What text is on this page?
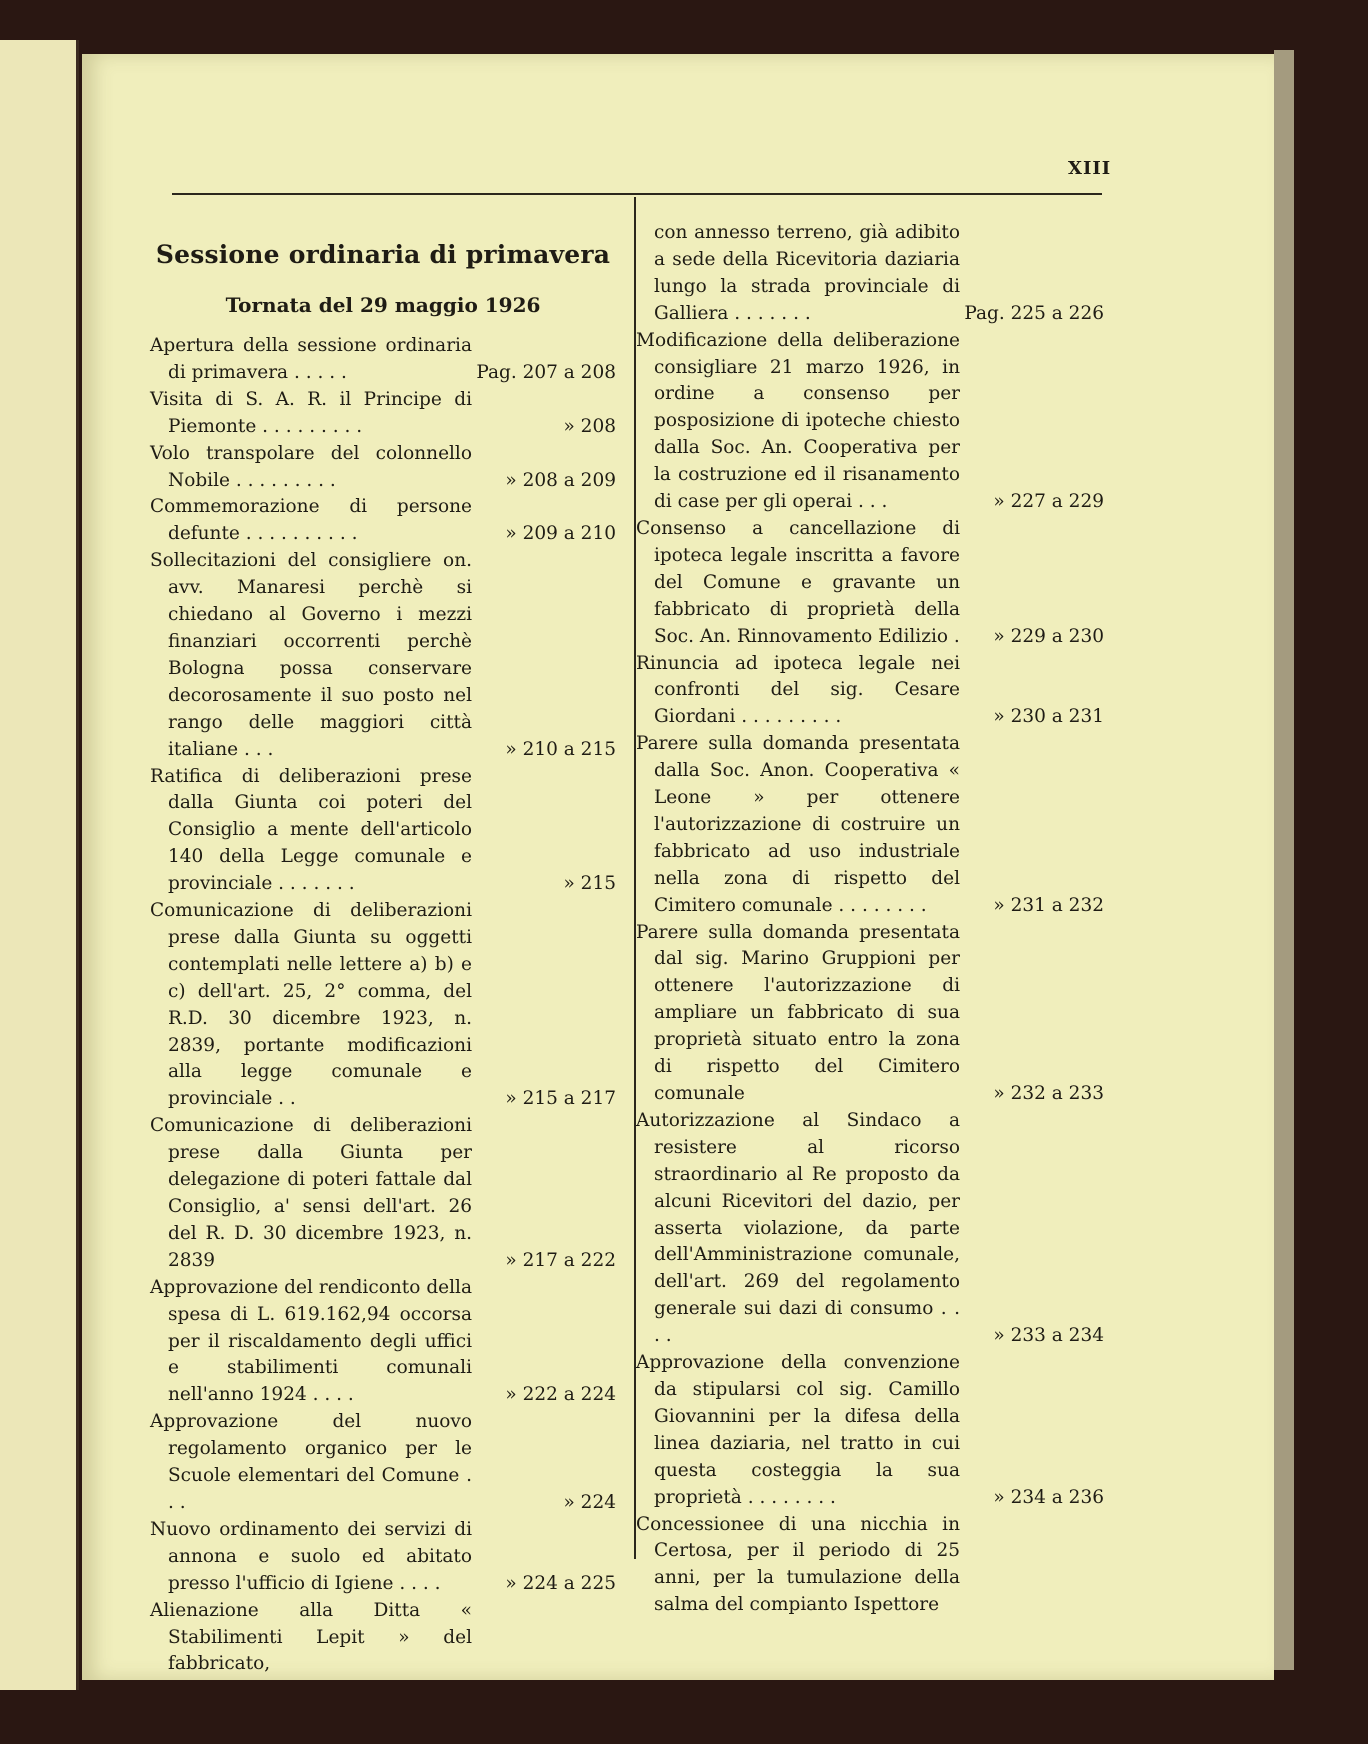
XIII
Sessione ordinaria di primavera
Tornata del 29 maggio 1926
Apertura della sessione ordinaria di primavera . . . . .	Pag. 207 a 208
Visita di S. A. R. il Principe di Piemonte . . . . . . . . .	» 208
Volo transpolare del colonnello Nobile . . . . . . . . .	» 208 a 209
Commemorazione di persone defunte . . . . . . . . . .	» 209 a 210
Sollecitazioni del consigliere on. avv. Manaresi perchè si chiedano al Governo i mezzi finanziari occorrenti perchè Bologna possa conservare decorosamente il suo posto nel rango delle maggiori città italiane . . .	» 210 a 215
Ratifica di deliberazioni prese dalla Giunta coi poteri del Consiglio a mente dell'articolo 140 della Legge comunale e provinciale . . . . . . .	» 215
Comunicazione di deliberazioni prese dalla Giunta su oggetti contemplati nelle lettere a) b) e c) dell'art. 25, 2° comma, del R.D. 30 dicembre 1923, n. 2839, portante modificazioni alla legge comunale e provinciale . .	» 215 a 217
Comunicazione di deliberazioni prese dalla Giunta per delegazione di poteri fattale dal Consiglio, a' sensi dell'art. 26 del R. D. 30 dicembre 1923, n. 2839	» 217 a 222
Approvazione del rendiconto della spesa di L. 619.162,94 occorsa per il riscaldamento degli uffici e stabilimenti comunali nell'anno 1924 . . . .	» 222 a 224
Approvazione del nuovo regolamento organico per le Scuole elementari del Comune . . .	» 224
Nuovo ordinamento dei servizi di annona e suolo ed abitato presso l'ufficio di Igiene . . . .	» 224 a 225
Alienazione alla Ditta « Stabilimenti Lepit » del fabbricato,
con annesso terreno, già adibito a sede della Ricevitoria daziaria lungo la strada provinciale di Galliera . . . . . . .	Pag. 225 a 226
Modificazione della deliberazione consigliare 21 marzo 1926, in ordine a consenso per posposizione di ipoteche chiesto dalla Soc. An. Cooperativa per la costruzione ed il risanamento di case per gli operai . . .	» 227 a 229
Consenso a cancellazione di ipoteca legale inscritta a favore del Comune e gravante un fabbricato di proprietà della Soc. An. Rinnovamento Edilizio .	» 229 a 230
Rinuncia ad ipoteca legale nei confronti del sig. Cesare Giordani . . . . . . . . .	» 230 a 231
Parere sulla domanda presentata dalla Soc. Anon. Cooperativa « Leone » per ottenere l'autorizzazione di costruire un fabbricato ad uso industriale nella zona di rispetto del Cimitero comunale . . . . . . . .	» 231 a 232
Parere sulla domanda presentata dal sig. Marino Gruppioni per ottenere l'autorizzazione di ampliare un fabbricato di sua proprietà situato entro la zona di rispetto del Cimitero comunale	» 232 a 233
Autorizzazione al Sindaco a resistere al ricorso straordinario al Re proposto da alcuni Ricevitori del dazio, per asserta violazione, da parte dell'Amministrazione comunale, dell'art. 269 del regolamento generale sui dazi di consumo . . . .	» 233 a 234
Approvazione della convenzione da stipularsi col sig. Camillo Giovannini per la difesa della linea daziaria, nel tratto in cui questa costeggia la sua proprietà . . . . . . . .	» 234 a 236
Concessionee di una nicchia in Certosa, per il periodo di 25 anni, per la tumulazione della salma del compianto Ispettore
